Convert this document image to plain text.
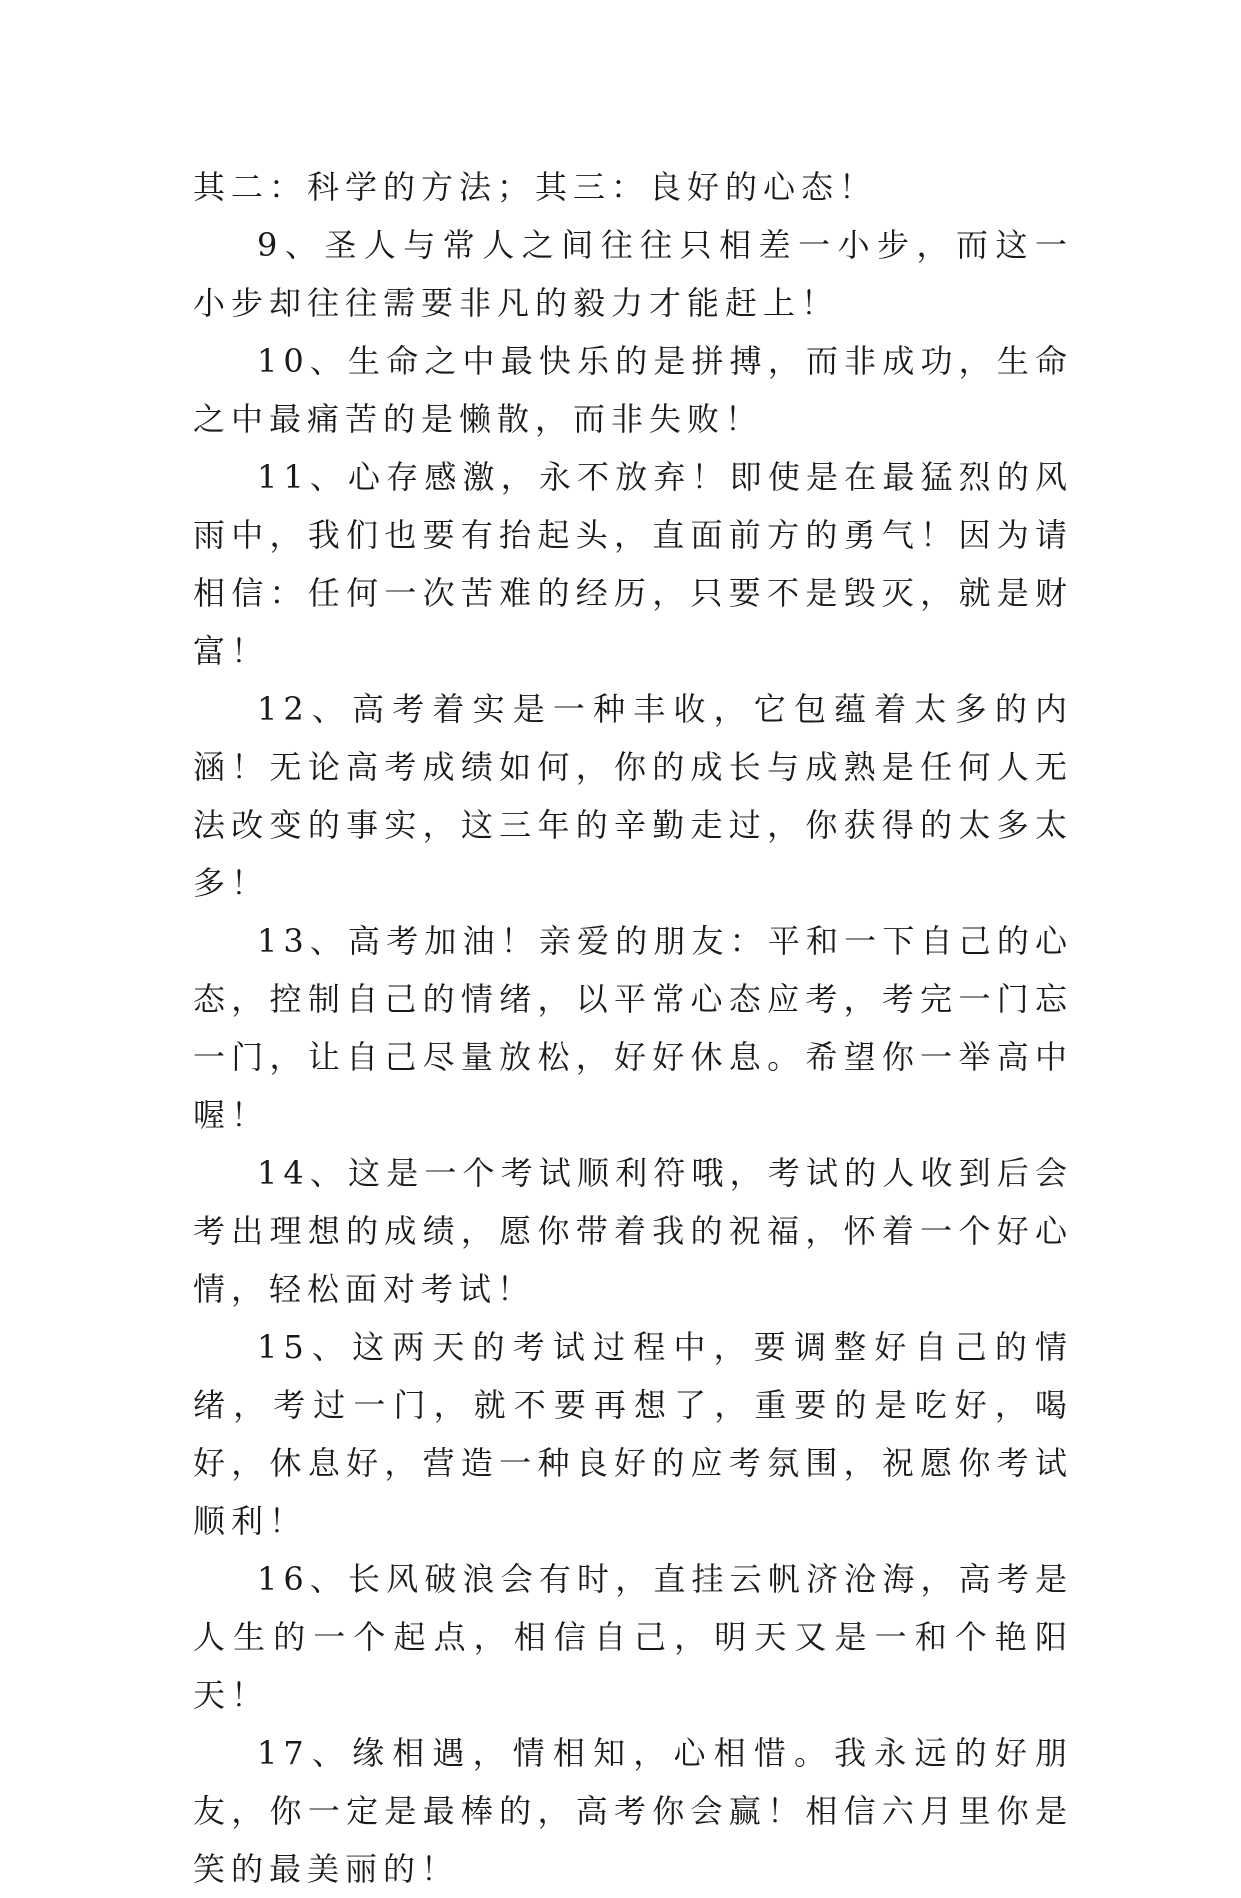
其二：科学的方法；其三：良好的心态！

9、圣人与常人之间往往只相差一小步，而这一小步却往往需要非凡的毅力才能赶上！

10、生命之中最快乐的是拼搏，而非成功，生命之中最痛苦的是懒散，而非失败！

11、心存感激，永不放弃！即使是在最猛烈的风雨中，我们也要有抬起头，直面前方的勇气！因为请相信：任何一次苦难的经历，只要不是毁灭，就是财富！

12、高考着实是一种丰收，它包蕴着太多的内涵！无论高考成绩如何，你的成长与成熟是任何人无法改变的事实，这三年的辛勤走过，你获得的太多太多！

13、高考加油！亲爱的朋友：平和一下自己的心态，控制自己的情绪，以平常心态应考，考完一门忘一门，让自己尽量放松，好好休息。希望你一举高中喔！

14、这是一个考试顺利符哦，考试的人收到后会考出理想的成绩，愿你带着我的祝福，怀着一个好心情，轻松面对考试！

15、这两天的考试过程中，要调整好自己的情绪，考过一门，就不要再想了，重要的是吃好，喝好，休息好，营造一种良好的应考氛围，祝愿你考试顺利！

16、长风破浪会有时，直挂云帆济沧海，高考是人生的一个起点，相信自己，明天又是一和个艳阳天！

17、缘相遇，情相知，心相惜。我永远的好朋友，你一定是最棒的，高考你会赢！相信六月里你是笑的最美丽的！
